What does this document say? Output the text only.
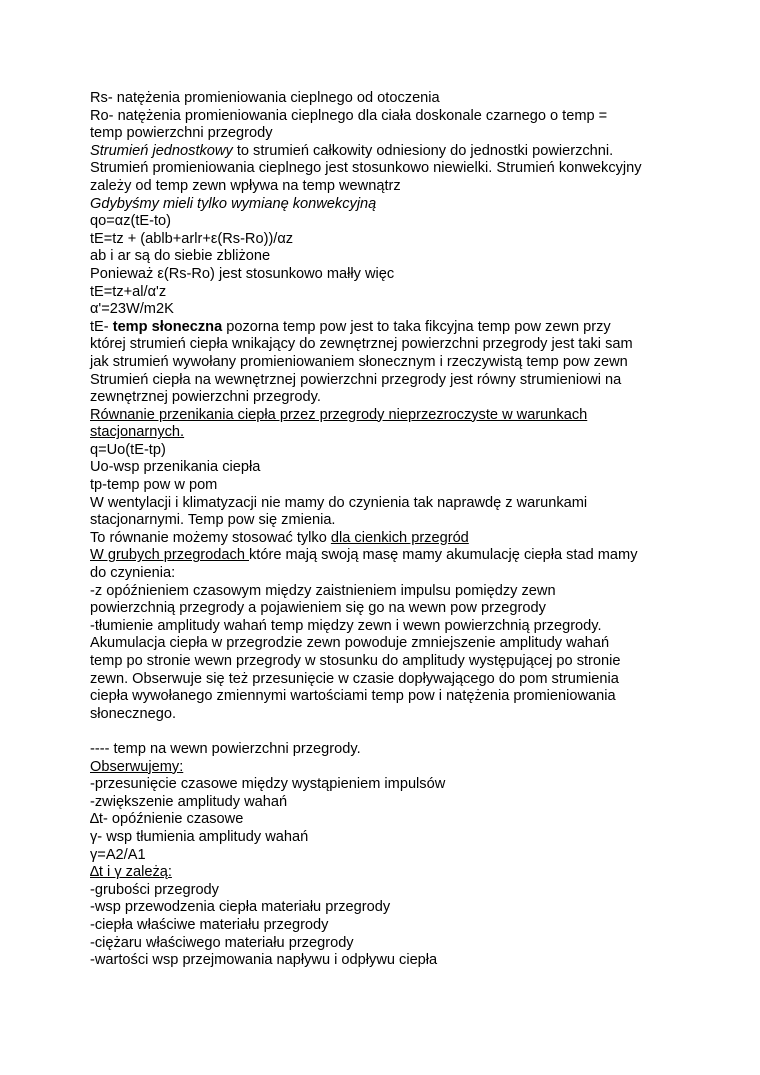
Rs- natężenia promieniowania cieplnego od otoczenia
Ro- natężenia promieniowania cieplnego dla ciała doskonale czarnego o temp =
temp powierzchni przegrody
Strumień jednostkowy to strumień całkowity odniesiony do jednostki powierzchni.
Strumień promieniowania cieplnego jest stosunkowo niewielki. Strumień konwekcyjny
zależy od temp zewn wpływa na temp wewnątrz
Gdybyśmy mieli tylko wymianę konwekcyjną
qo=αz(tE-to)
tE=tz + (ablb+arlr+ε(Rs-Ro))/αz
ab i ar są do siebie zbliżone
Ponieważ ε(Rs-Ro) jest stosunkowo małły więc
tE=tz+al/α'z
α'=23W/m2K
tE- temp słoneczna pozorna temp pow jest to taka fikcyjna temp pow zewn przy
której strumień ciepła wnikający do zewnętrznej powierzchni przegrody jest taki sam
jak strumień wywołany promieniowaniem słonecznym i rzeczywistą temp pow zewn
Strumień ciepła na wewnętrznej powierzchni przegrody jest równy strumieniowi na
zewnętrznej powierzchni przegrody.
Równanie przenikania ciepła przez przegrody nieprzezroczyste w warunkach
stacjonarnych.
q=Uo(tE-tp)
Uo-wsp przenikania ciepła
tp-temp pow w pom
W wentylacji i klimatyzacji nie mamy do czynienia tak naprawdę z warunkami
stacjonarnymi. Temp pow się zmienia.
To równanie możemy stosować tylko dla cienkich przegród
W grubych przegrodach które mają swoją masę mamy akumulację ciepła stad mamy
do czynienia:
-z opóźnieniem czasowym między zaistnieniem impulsu pomiędzy zewn
powierzchnią przegrody a pojawieniem się go na wewn pow przegrody
-tłumienie amplitudy wahań temp między zewn i wewn powierzchnią przegrody.
Akumulacja ciepła w przegrodzie zewn powoduje zmniejszenie amplitudy wahań
temp po stronie wewn przegrody w stosunku do amplitudy występującej po stronie
zewn. Obserwuje się też przesunięcie w czasie dopływającego do pom strumienia
ciepła wywołanego zmiennymi wartościami temp pow i natężenia promieniowania
słonecznego.
---- temp na wewn powierzchni przegrody.
Obserwujemy:
-przesunięcie czasowe między wystąpieniem impulsów
-zwiększenie amplitudy wahań
∆t- opóźnienie czasowe
γ- wsp tłumienia amplitudy wahań
γ=A2/A1
∆t i γ zależą:
-grubości przegrody
-wsp przewodzenia ciepła materiału przegrody
-ciepła właściwe materiału przegrody
-ciężaru właściwego materiału przegrody
-wartości wsp przejmowania napływu i odpływu ciepła
